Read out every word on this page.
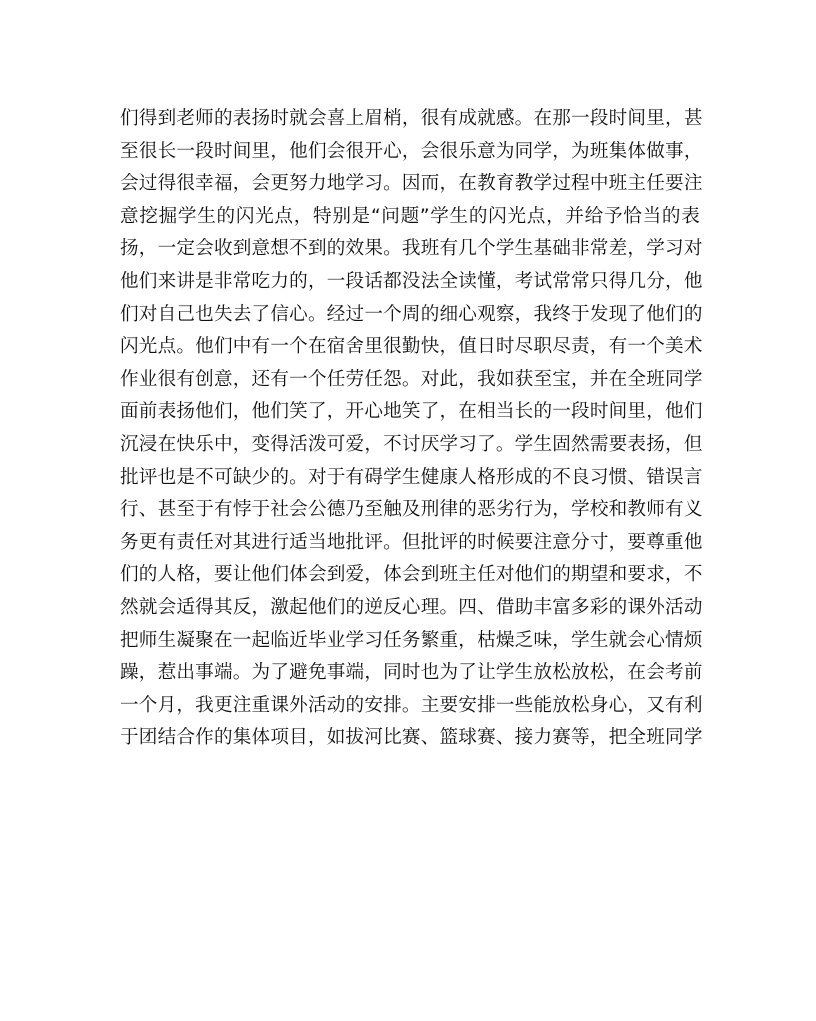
们得到老师的表扬时就会喜上眉梢，很有成就感。在那一段时间里，甚
至很长一段时间里，他们会很开心，会很乐意为同学，为班集体做事，
会过得很幸福，会更努力地学习。因而，在教育教学过程中班主任要注
意挖掘学生的闪光点，特别是“问题”学生的闪光点，并给予恰当的表
扬，一定会收到意想不到的效果。我班有几个学生基础非常差，学习对
他们来讲是非常吃力的，一段话都没法全读懂，考试常常只得几分，他
们对自己也失去了信心。经过一个周的细心观察，我终于发现了他们的
闪光点。他们中有一个在宿舍里很勤快，值日时尽职尽责，有一个美术
作业很有创意，还有一个任劳任怨。对此，我如获至宝，并在全班同学
面前表扬他们，他们笑了，开心地笑了，在相当长的一段时间里，他们
沉浸在快乐中，变得活泼可爱，不讨厌学习了。学生固然需要表扬，但
批评也是不可缺少的。对于有碍学生健康人格形成的不良习惯、错误言
行、甚至于有悖于社会公德乃至触及刑律的恶劣行为，学校和教师有义
务更有责任对其进行适当地批评。但批评的时候要注意分寸，要尊重他
们的人格，要让他们体会到爱，体会到班主任对他们的期望和要求，不
然就会适得其反，激起他们的逆反心理。四、借助丰富多彩的课外活动
把师生凝聚在一起临近毕业学习任务繁重，枯燥乏味，学生就会心情烦
躁，惹出事端。为了避免事端，同时也为了让学生放松放松，在会考前
一个月，我更注重课外活动的安排。主要安排一些能放松身心，又有利
于团结合作的集体项目，如拔河比赛、篮球赛、接力赛等，把全班同学
